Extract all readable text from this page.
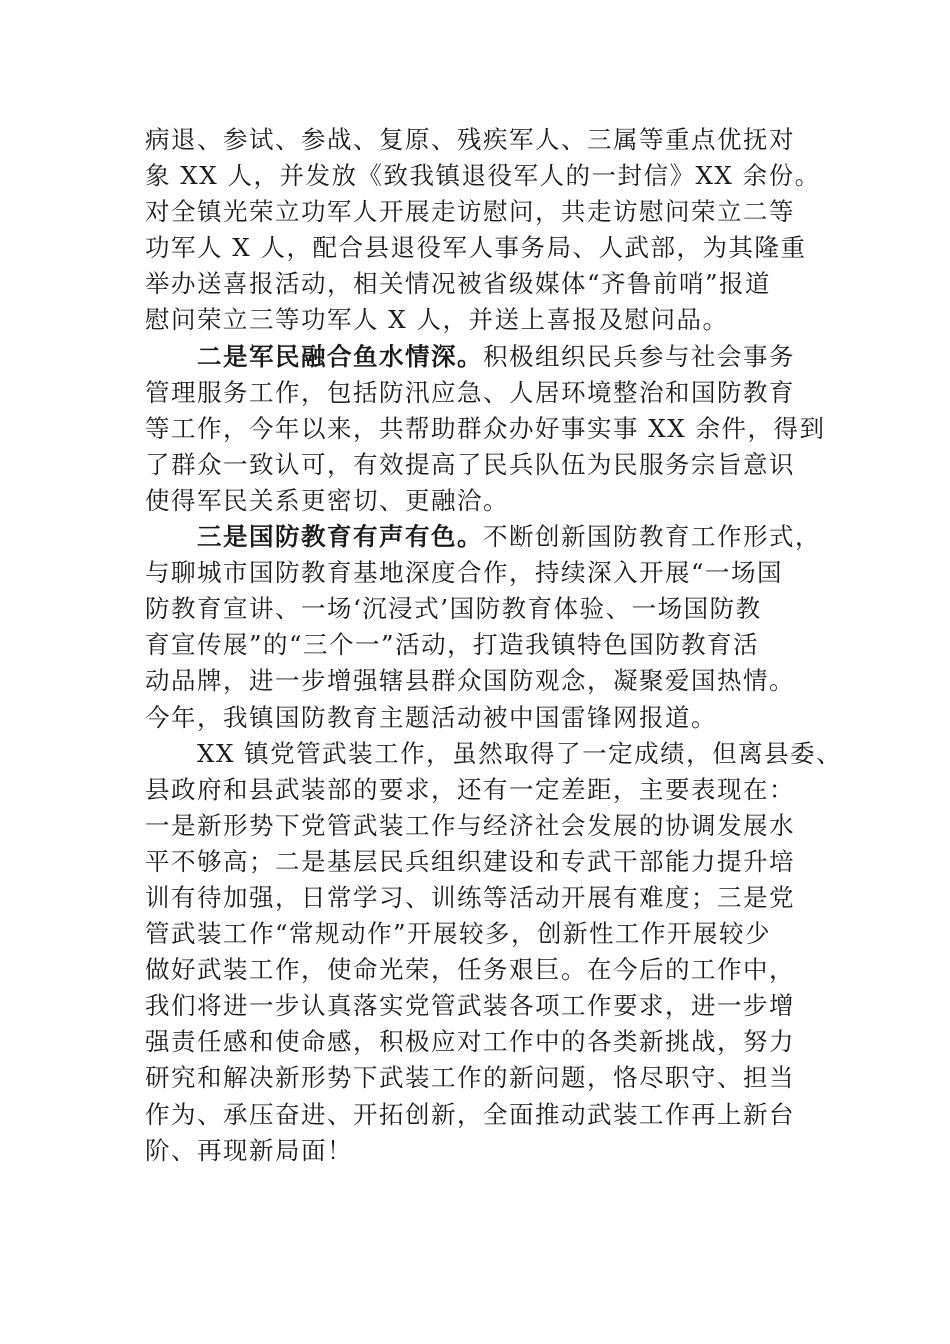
病退、参试、参战、复原、残疾军人、三属等重点优抚对
象 XX 人，并发放《致我镇退役军人的一封信》XX 余份。
对全镇光荣立功军人开展走访慰问，共走访慰问荣立二等
功军人 X 人，配合县退役军人事务局、人武部，为其隆重
举办送喜报活动，相关情况被省级媒体“齐鲁前哨”报道
慰问荣立三等功军人 X 人，并送上喜报及慰问品。
二是军民融合鱼水情深。积极组织民兵参与社会事务
管理服务工作，包括防汛应急、人居环境整治和国防教育
等工作，今年以来，共帮助群众办好事实事 XX 余件，得到
了群众一致认可，有效提高了民兵队伍为民服务宗旨意识
使得军民关系更密切、更融洽。
三是国防教育有声有色。不断创新国防教育工作形式，
与聊城市国防教育基地深度合作，持续深入开展“一场国
防教育宣讲、一场‘沉浸式’国防教育体验、一场国防教
育宣传展”的“三个一”活动，打造我镇特色国防教育活
动品牌，进一步增强辖县群众国防观念，凝聚爱国热情。
今年，我镇国防教育主题活动被中国雷锋网报道。
XX 镇党管武装工作，虽然取得了一定成绩，但离县委、
县政府和县武装部的要求，还有一定差距，主要表现在：
一是新形势下党管武装工作与经济社会发展的协调发展水
平不够高；二是基层民兵组织建设和专武干部能力提升培
训有待加强，日常学习、训练等活动开展有难度；三是党
管武装工作“常规动作”开展较多，创新性工作开展较少
做好武装工作，使命光荣，任务艰巨。在今后的工作中，
我们将进一步认真落实党管武装各项工作要求，进一步增
强责任感和使命感，积极应对工作中的各类新挑战，努力
研究和解决新形势下武装工作的新问题，恪尽职守、担当
作为、承压奋进、开拓创新，全面推动武装工作再上新台
阶、再现新局面！
